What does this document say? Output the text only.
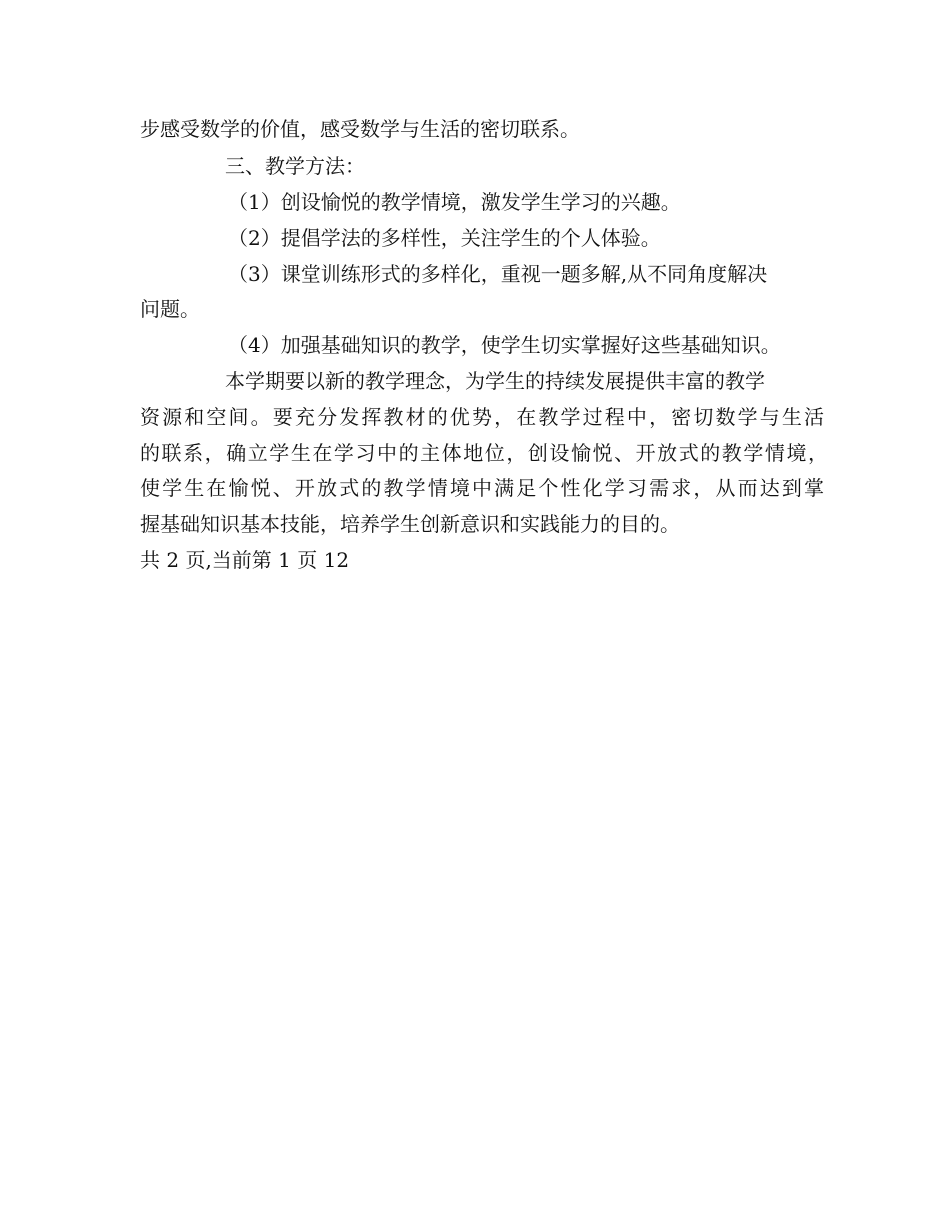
步感受数学的价值，感受数学与生活的密切联系。
三、教学方法：
（1）创设愉悦的教学情境，激发学生学习的兴趣。
（2）提倡学法的多样性，关注学生的个人体验。
（3）课堂训练形式的多样化，重视一题多解,从不同角度解决
问题。
（4）加强基础知识的教学，使学生切实掌握好这些基础知识。
本学期要以新的教学理念，为学生的持续发展提供丰富的教学
资源和空间。要充分发挥教材的优势，在教学过程中，密切数学与生活
的联系，确立学生在学习中的主体地位，创设愉悦、开放式的教学情境，
使学生在愉悦、开放式的教学情境中满足个性化学习需求，从而达到掌
握基础知识基本技能，培养学生创新意识和实践能力的目的。
共 2 页,当前第 1 页 12
